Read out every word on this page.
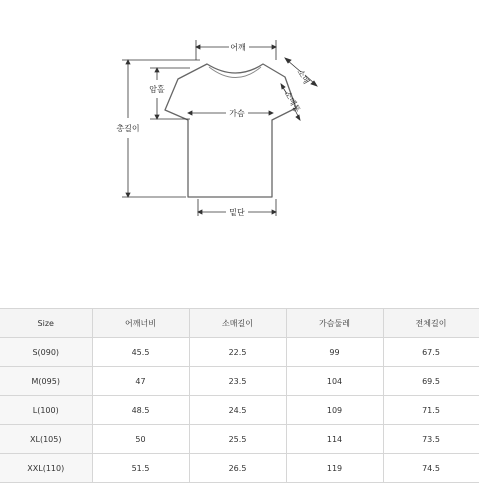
어깨
암홀
총길이
가슴
소매
소매통
밑단
Size	어깨너비	소매길이	가슴둘레	전체길이
S(090)	45.5	22.5	99	67.5
M(095)	47	23.5	104	69.5
L(100)	48.5	24.5	109	71.5
XL(105)	50	25.5	114	73.5
XXL(110)	51.5	26.5	119	74.5
